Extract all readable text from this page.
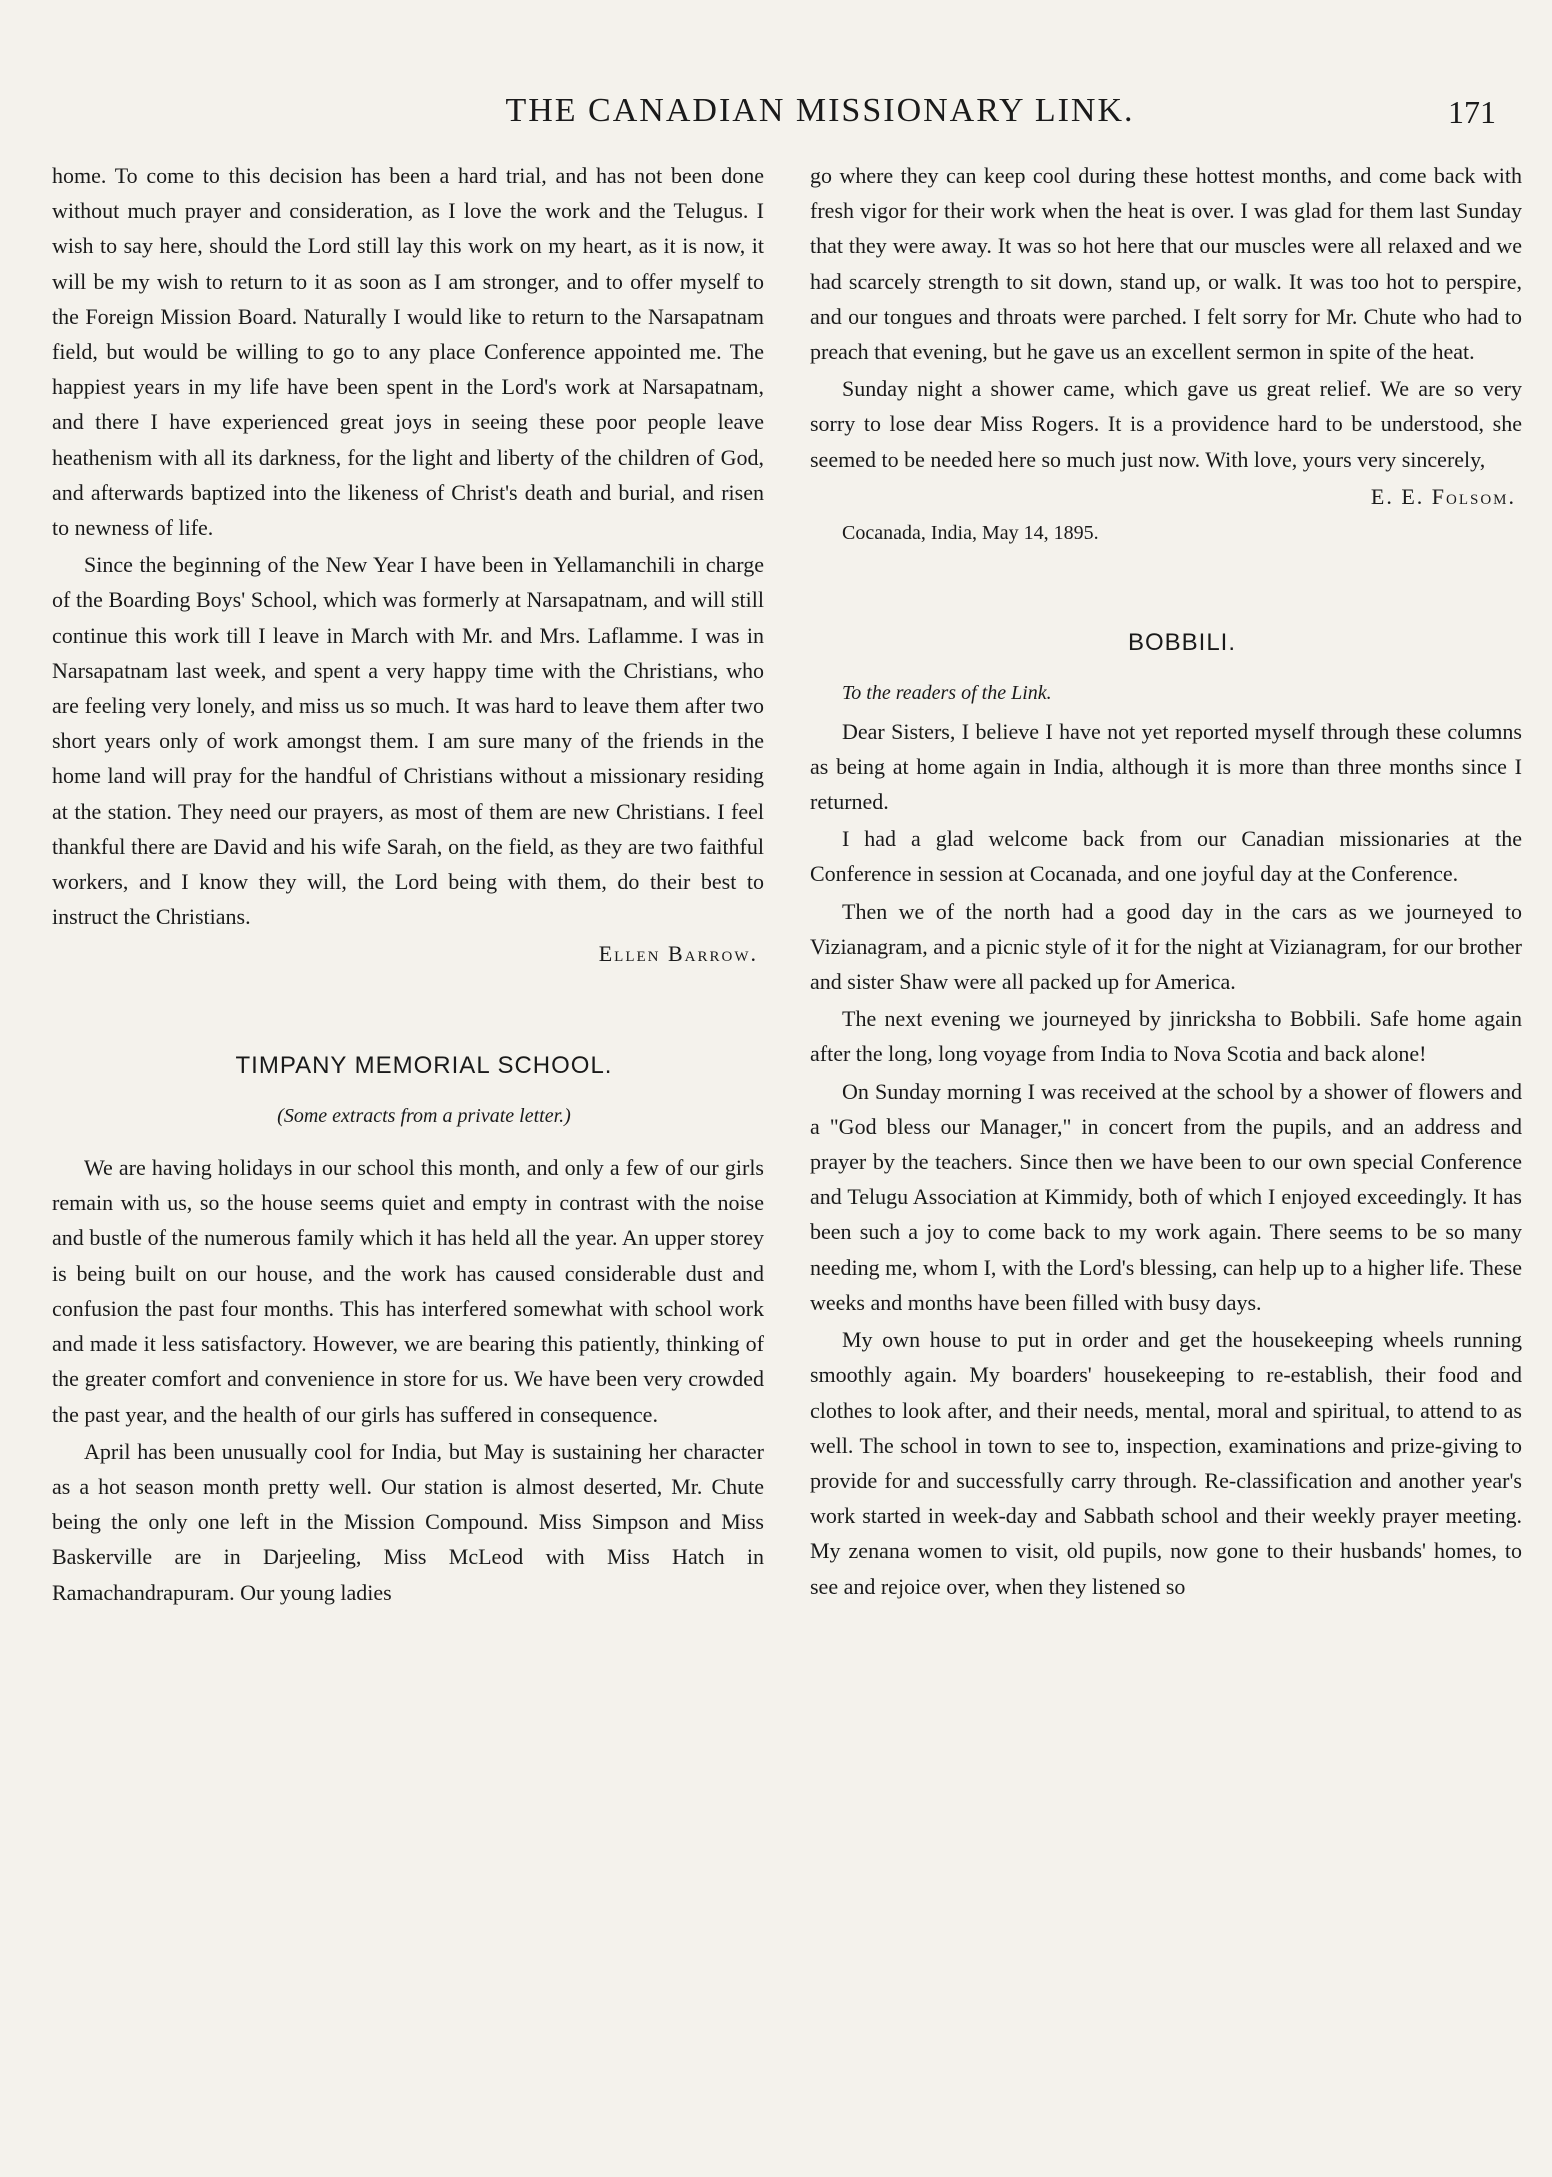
THE CANADIAN MISSIONARY LINK.	171

home. To come to this decision has been a hard trial, and has not been done without much prayer and consideration, as I love the work and the Telugus. I wish to say here, should the Lord still lay this work on my heart, as it is now, it will be my wish to return to it as soon as I am stronger, and to offer myself to the Foreign Mission Board. Naturally I would like to return to the Narsapatnam field, but would be willing to go to any place Conference appointed me. The happiest years in my life have been spent in the Lord's work at Narsapatnam, and there I have experienced great joys in seeing these poor people leave heathenism with all its darkness, for the light and liberty of the children of God, and afterwards baptized into the likeness of Christ's death and burial, and risen to newness of life.

Since the beginning of the New Year I have been in Yellamanchili in charge of the Boarding Boys' School, which was formerly at Narsapatnam, and will still continue this work till I leave in March with Mr. and Mrs. Laflamme. I was in Narsapatnam last week, and spent a very happy time with the Christians, who are feeling very lonely, and miss us so much. It was hard to leave them after two short years only of work amongst them. I am sure many of the friends in the home land will pray for the handful of Christians without a missionary residing at the station. They need our prayers, as most of them are new Christians. I feel thankful there are David and his wife Sarah, on the field, as they are two faithful workers, and I know they will, the Lord being with them, do their best to instruct the Christians.

Ellen Barrow.

TIMPANY MEMORIAL SCHOOL.

(Some extracts from a private letter.)

We are having holidays in our school this month, and only a few of our girls remain with us, so the house seems quiet and empty in contrast with the noise and bustle of the numerous family which it has held all the year. An upper storey is being built on our house, and the work has caused considerable dust and confusion the past four months. This has interfered somewhat with school work and made it less satisfactory. However, we are bearing this patiently, thinking of the greater comfort and convenience in store for us. We have been very crowded the past year, and the health of our girls has suffered in consequence.

April has been unusually cool for India, but May is sustaining her character as a hot season month pretty well. Our station is almost deserted, Mr. Chute being the only one left in the Mission Compound. Miss Simpson and Miss Baskerville are in Darjeeling, Miss McLeod with Miss Hatch in Ramachandrapuram. Our young ladies

go where they can keep cool during these hottest months, and come back with fresh vigor for their work when the heat is over. I was glad for them last Sunday that they were away. It was so hot here that our muscles were all relaxed and we had scarcely strength to sit down, stand up, or walk. It was too hot to perspire, and our tongues and throats were parched. I felt sorry for Mr. Chute who had to preach that evening, but he gave us an excellent sermon in spite of the heat.

Sunday night a shower came, which gave us great relief. We are so very sorry to lose dear Miss Rogers. It is a providence hard to be understood, she seemed to be needed here so much just now. With love, yours very sincerely,

E. E. Folsom.

Cocanada, India, May 14, 1895.

BOBBILI.

To the readers of the Link.

Dear Sisters, I believe I have not yet reported myself through these columns as being at home again in India, although it is more than three months since I returned.

I had a glad welcome back from our Canadian missionaries at the Conference in session at Cocanada, and one joyful day at the Conference.

Then we of the north had a good day in the cars as we journeyed to Vizianagram, and a picnic style of it for the night at Vizianagram, for our brother and sister Shaw were all packed up for America.

The next evening we journeyed by jinricksha to Bobbili. Safe home again after the long, long voyage from India to Nova Scotia and back alone!

On Sunday morning I was received at the school by a shower of flowers and a "God bless our Manager," in concert from the pupils, and an address and prayer by the teachers. Since then we have been to our own special Conference and Telugu Association at Kimmidy, both of which I enjoyed exceedingly. It has been such a joy to come back to my work again. There seems to be so many needing me, whom I, with the Lord's blessing, can help up to a higher life. These weeks and months have been filled with busy days.

My own house to put in order and get the housekeeping wheels running smoothly again. My boarders' housekeeping to re-establish, their food and clothes to look after, and their needs, mental, moral and spiritual, to attend to as well. The school in town to see to, inspection, examinations and prize-giving to provide for and successfully carry through. Re-classification and another year's work started in week-day and Sabbath school and their weekly prayer meeting. My zenana women to visit, old pupils, now gone to their husbands' homes, to see and rejoice over, when they listened so
